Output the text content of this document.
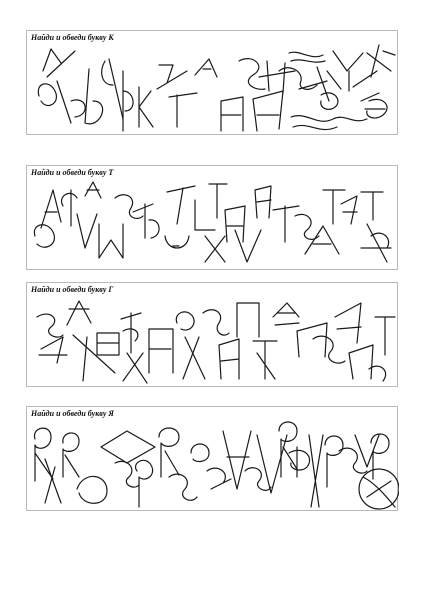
Найди и обведи букву К
Найди и обведи букву Т
Найди и обведи букву Г
Найди и обведи букву Я
